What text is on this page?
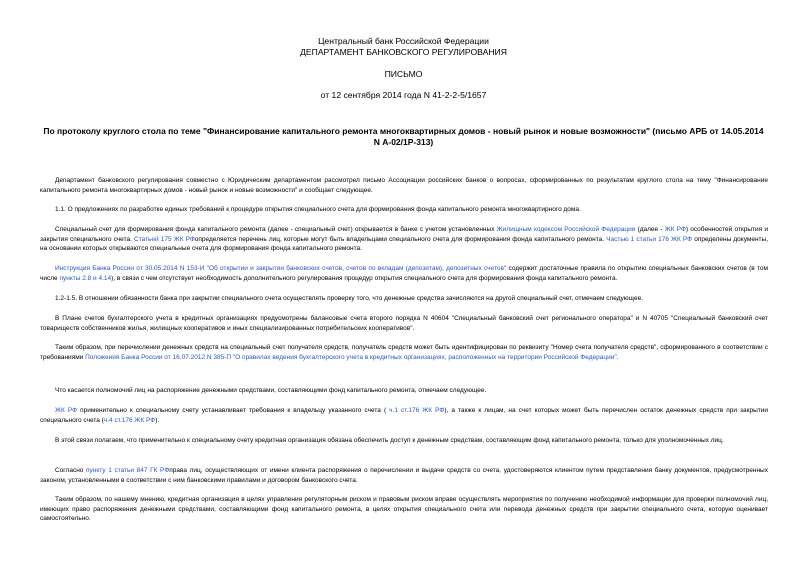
Центральный банк Российской Федерации
ДЕПАРТАМЕНТ БАНКОВСКОГО РЕГУЛИРОВАНИЯ
ПИСЬМО
от 12 сентября 2014 года N 41-2-2-5/1657
По протоколу круглого стола по теме "Финансирование капитального ремонта многоквартирных домов - новый рынок и новые возможности" (письмо АРБ от 14.05.2014 N А-02/1Р-313)
Департамент банковского регулирования совместно с Юридическим департаментом рассмотрел письмо Ассоциации российских банков о вопросах, сформированных по результатам круглого стола на тему "Финансирование капитального ремонта многоквартирных домов - новый рынок и новые возможности" и сообщает следующее.
1.1. О предложениях по разработке единых требований к процедуре открытия специального счета для формирования фонда капитального ремонта многоквартирного дома.
Специальный счет для формирования фонда капитального ремонта (далее - специальный счет) открывается в банке с учетом установленных Жилищным кодексом Российской Федерации (далее - ЖК РФ) особенностей открытия и закрытия специального счета. Статьей 175 ЖК РФопределяется перечень лиц, которые могут быть владельцами специального счета для формирования фонда капитального ремонта. Частью 1 статьи 176 ЖК РФ определены документы, на основании которых открываются специальные счета для формирования фонда капитального ремонта.
Инструкция Банка России от 30.05.2014 N 153-И "Об открытии и закрытии банковских счетов, счетов по вкладам (депозитам), депозитных счетов" содержит достаточные правила по открытию специальных банковских счетов (в том числе пункты 2.8 и 4.14), в связи с чем отсутствует необходимость дополнительного регулирования процедур открытия специального счета для формирования фонда капитального ремонта.
1.2-1.5. В отношении обязанности банка при закрытии специального счета осуществлять проверку того, что денежные средства зачисляются на другой специальный счет, отмечаем следующее.
В Плане счетов бухгалтерского учета в кредитных организациях предусмотрены балансовые счета второго порядка N 40604 "Специальный банковский счет регионального оператора" и N 40705 "Специальный банковский счет товариществ собственников жилья, жилищных кооперативов и иных специализированных потребительских кооперативов".
Таким образом, при перечислении денежных средств на специальный счет получателя средств, получатель средств может быть идентифицирован по реквизиту "Номер счета получателя средств", сформированного в соответствии с требованиями Положения Банка России от 16.07.2012 N 385-П "О правилах ведения бухгалтерского учета в кредитных организациях, расположенных на территории Российской Федерации".
Что касается полномочий лиц на распоряжение денежными средствами, составляющими фонд капитального ремонта, отмечаем следующее.
ЖК РФ применительно к специальному счету устанавливает требования к владельцу указанного счета ( ч.1 ст.176 ЖК РФ), а также к лицам, на счет которых может быть перечислен остаток денежных средств при закрытии специального счета (ч.4 ст.176 ЖК РФ).
В этой связи полагаем, что применительно к специальному счету кредитная организация обязана обеспечить доступ к денежным средствам, составляющим фонд капитального ремонта, только для уполномоченных лиц.
Согласно пункту 1 статьи 847 ГК РФправа лиц, осуществляющих от имени клиента распоряжения о перечислении и выдаче средств со счета, удостоверяются клиентом путем представления банку документов, предусмотренных законом, установленными в соответствии с ним банковскими правилами и договором банковского счета.
Таким образом, по нашему мнению, кредитная организация в целях управления регуляторным риском и правовым риском вправе осуществлять мероприятия по получению необходимой информации для проверки полномочий лиц, имеющих право распоряжения денежными средствами, составляющими фонд капитального ремонта, в целях открытия специального счета или перевода денежных средств при закрытии специального счета, которую оценивает самостоятельно.
